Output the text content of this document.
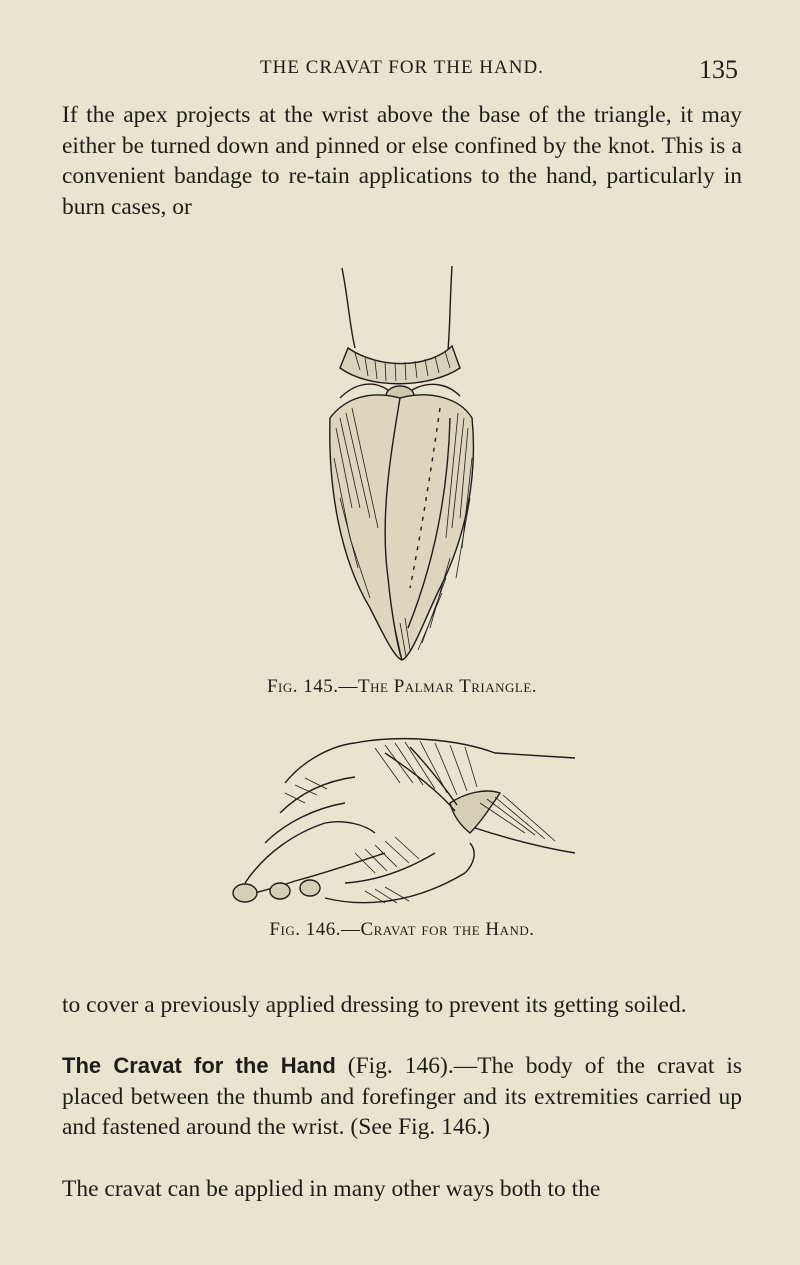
THE CRAVAT FOR THE HAND.	135

If the apex projects at the wrist above the base of the triangle, it may either be turned down and pinned or else confined by the knot. This is a convenient bandage to re-tain applications to the hand, particularly in burn cases, or

Fig. 145.—The Palmar Triangle.
Fig. 146.—Cravat for the Hand.

to cover a previously applied dressing to prevent its getting soiled.

The Cravat for the Hand (Fig. 146).—The body of the cravat is placed between the thumb and forefinger and its extremities carried up and fastened around the wrist. (See Fig. 146.)

The cravat can be applied in many other ways both to the
